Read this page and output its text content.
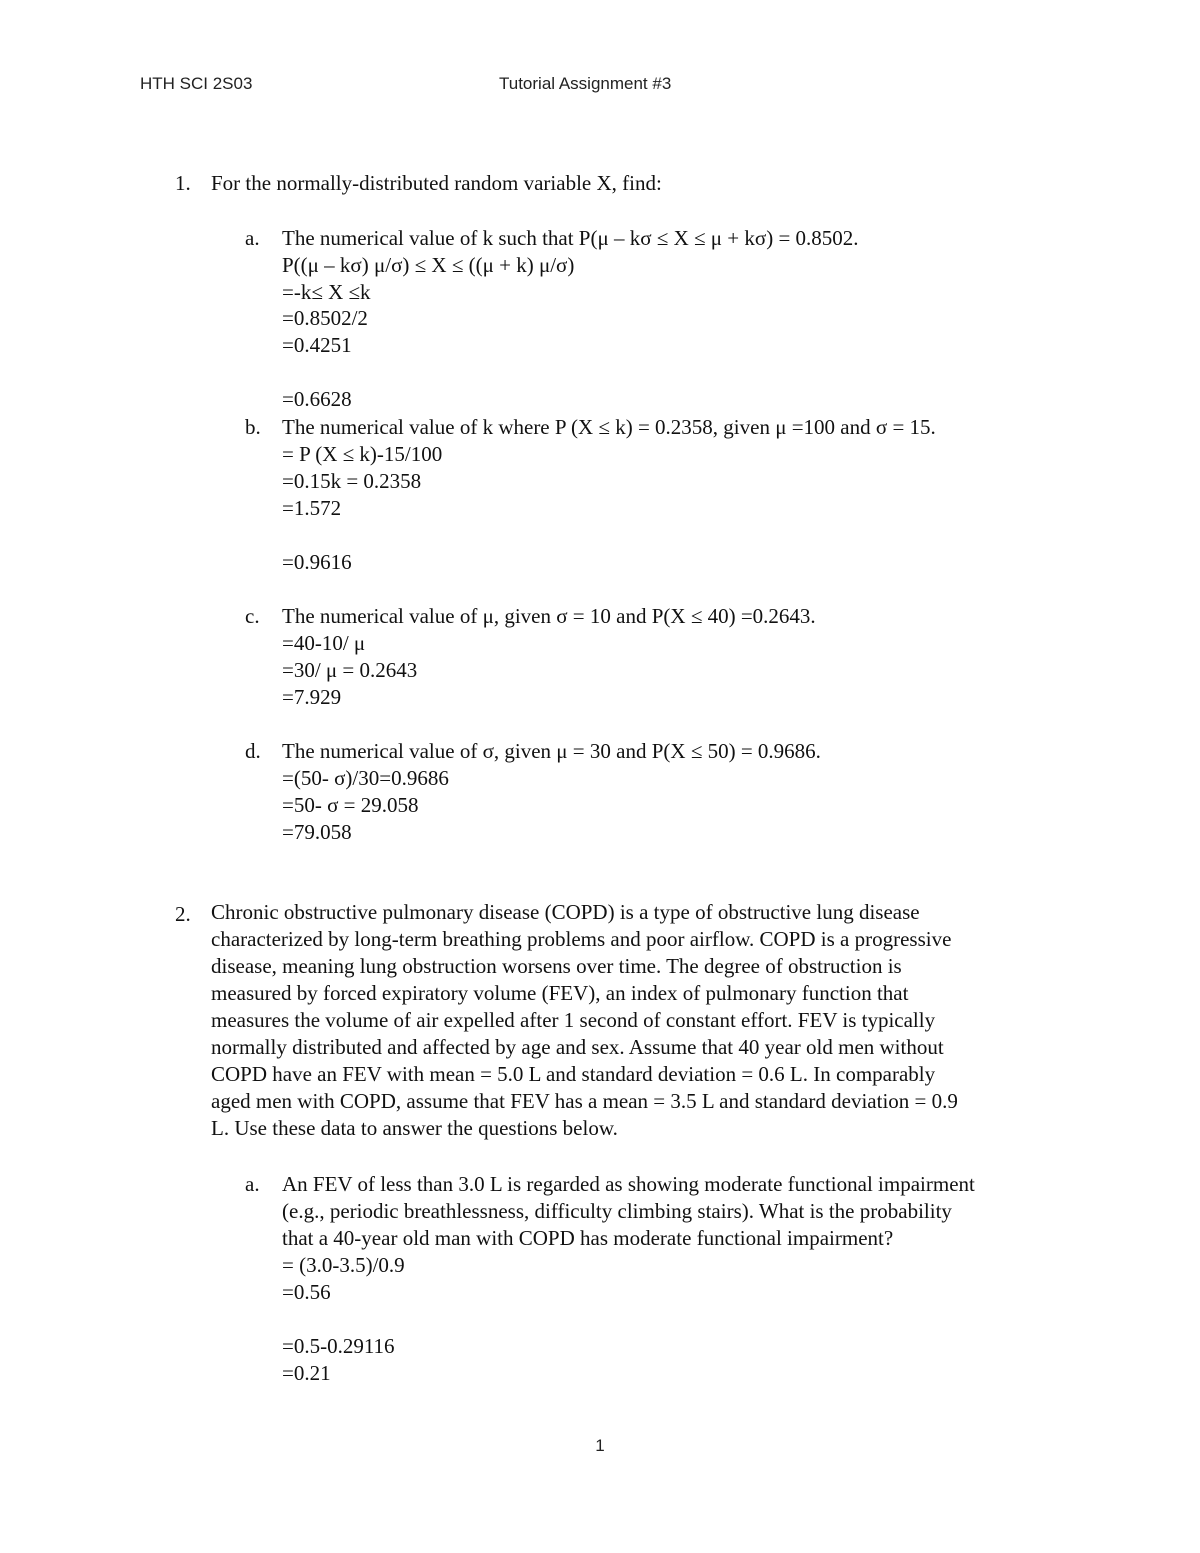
HTH SCI 2S03	Tutorial Assignment #3
1. For the normally-distributed random variable X, find:
a. The numerical value of k such that P(μ – kσ ≤ X ≤ μ + kσ) = 0.8502.
P((μ – kσ) μ/σ) ≤ X ≤ ((μ + k) μ/σ)
=-k≤ X ≤k
=0.8502/2
=0.4251
=0.6628
b. The numerical value of k where P (X ≤ k) = 0.2358, given μ =100 and σ = 15.
= P (X ≤ k)-15/100
=0.15k = 0.2358
=1.572
=0.9616
c. The numerical value of μ, given σ = 10 and P(X ≤ 40) =0.2643.
=40-10/ μ
=30/ μ = 0.2643
=7.929
d. The numerical value of σ, given μ = 30 and P(X ≤ 50) = 0.9686.
=(50- σ)/30=0.9686
=50- σ = 29.058
=79.058
2. Chronic obstructive pulmonary disease (COPD) is a type of obstructive lung disease
characterized by long-term breathing problems and poor airflow. COPD is a progressive
disease, meaning lung obstruction worsens over time. The degree of obstruction is
measured by forced expiratory volume (FEV), an index of pulmonary function that
measures the volume of air expelled after 1 second of constant effort. FEV is typically
normally distributed and affected by age and sex. Assume that 40 year old men without
COPD have an FEV with mean = 5.0 L and standard deviation = 0.6 L. In comparably
aged men with COPD, assume that FEV has a mean = 3.5 L and standard deviation = 0.9
L. Use these data to answer the questions below.
a. An FEV of less than 3.0 L is regarded as showing moderate functional impairment
(e.g., periodic breathlessness, difficulty climbing stairs). What is the probability
that a 40-year old man with COPD has moderate functional impairment?
= (3.0-3.5)/0.9
=0.56
=0.5-0.29116
=0.21
1
